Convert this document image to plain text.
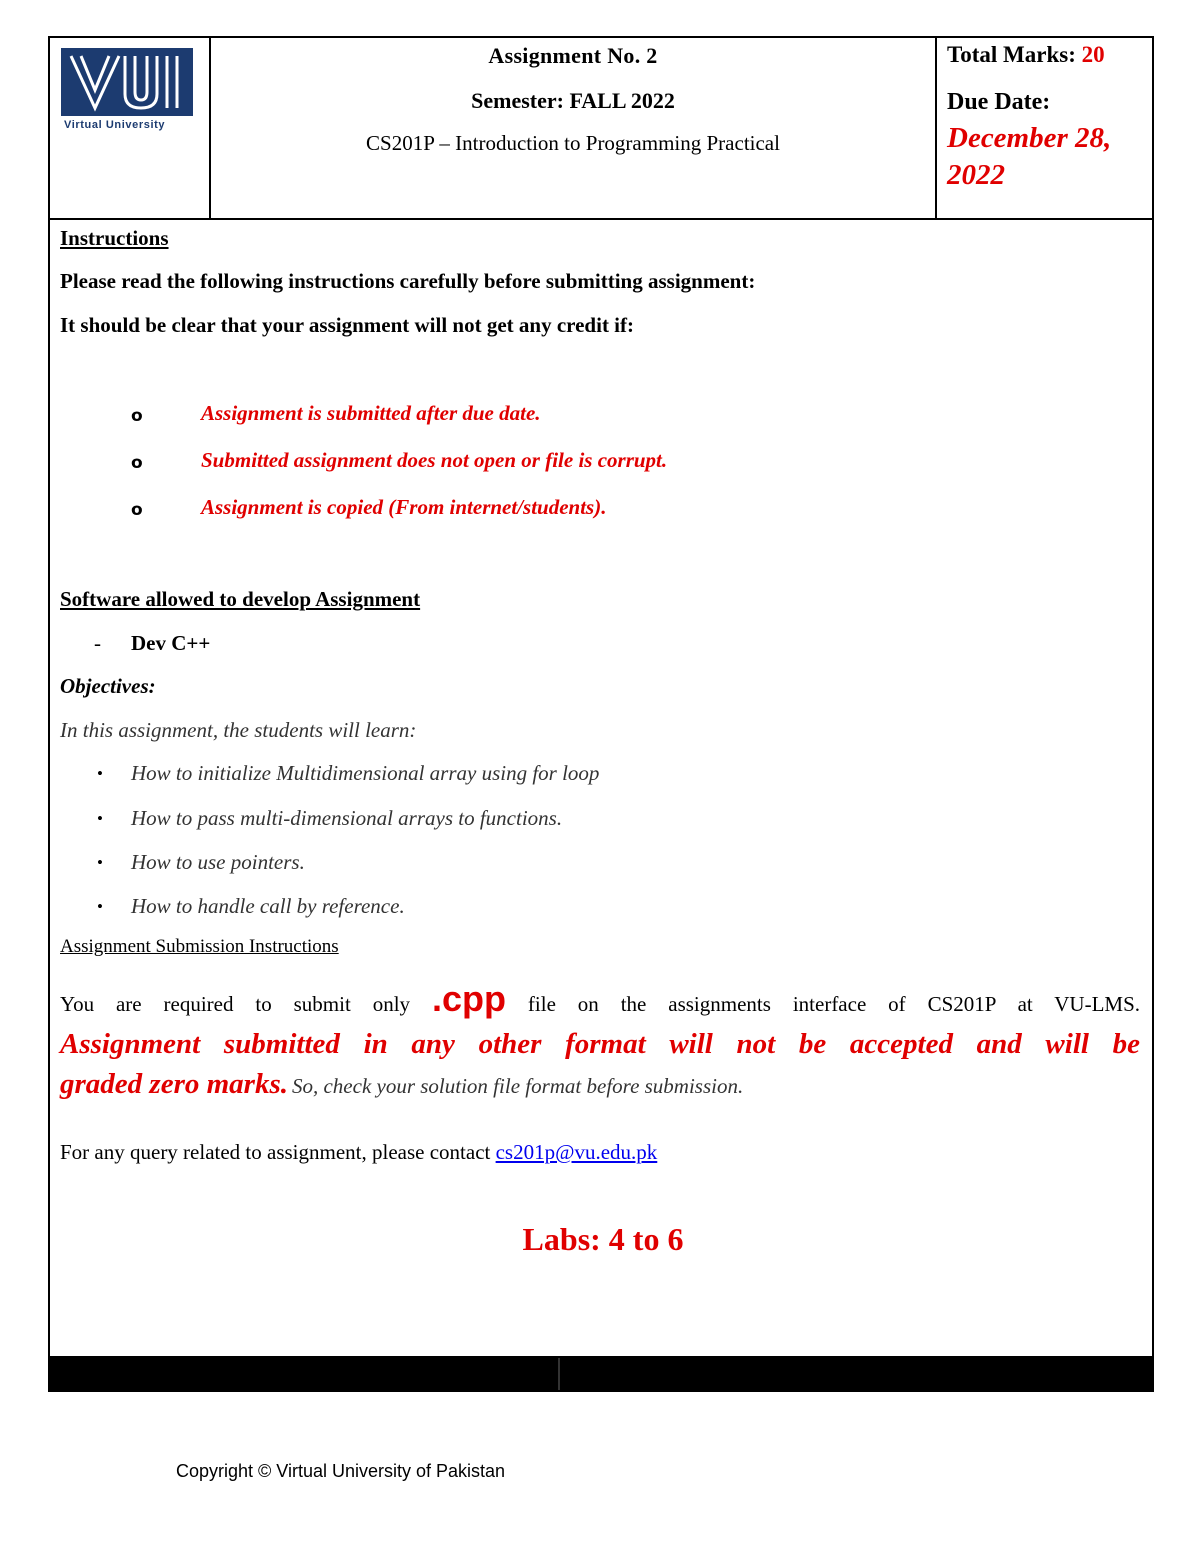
Virtual University
Assignment No. 2
Semester: FALL 2022
CS201P – Introduction to Programming Practical
Total Marks: 20
Due Date:
December 28,
2022
Instructions
Please read the following instructions carefully before submitting assignment:
It should be clear that your assignment will not get any credit if:
o	Assignment is submitted after due date.
o	Submitted assignment does not open or file is corrupt.
o	Assignment is copied (From internet/students).
Software allowed to develop Assignment
- Dev C++
Objectives:
In this assignment, the students will learn:
• How to initialize Multidimensional array using for loop
• How to pass multi-dimensional arrays to functions.
• How to use pointers.
• How to handle call by reference.
Assignment Submission Instructions
You are required to submit only .cpp file on the assignments interface of CS201P at VU-LMS.
Assignment submitted in any other format will not be accepted and will be
graded zero marks. So, check your solution file format before submission.
For any query related to assignment, please contact cs201p@vu.edu.pk
Labs: 4 to 6
Copyright © Virtual University of Pakistan
